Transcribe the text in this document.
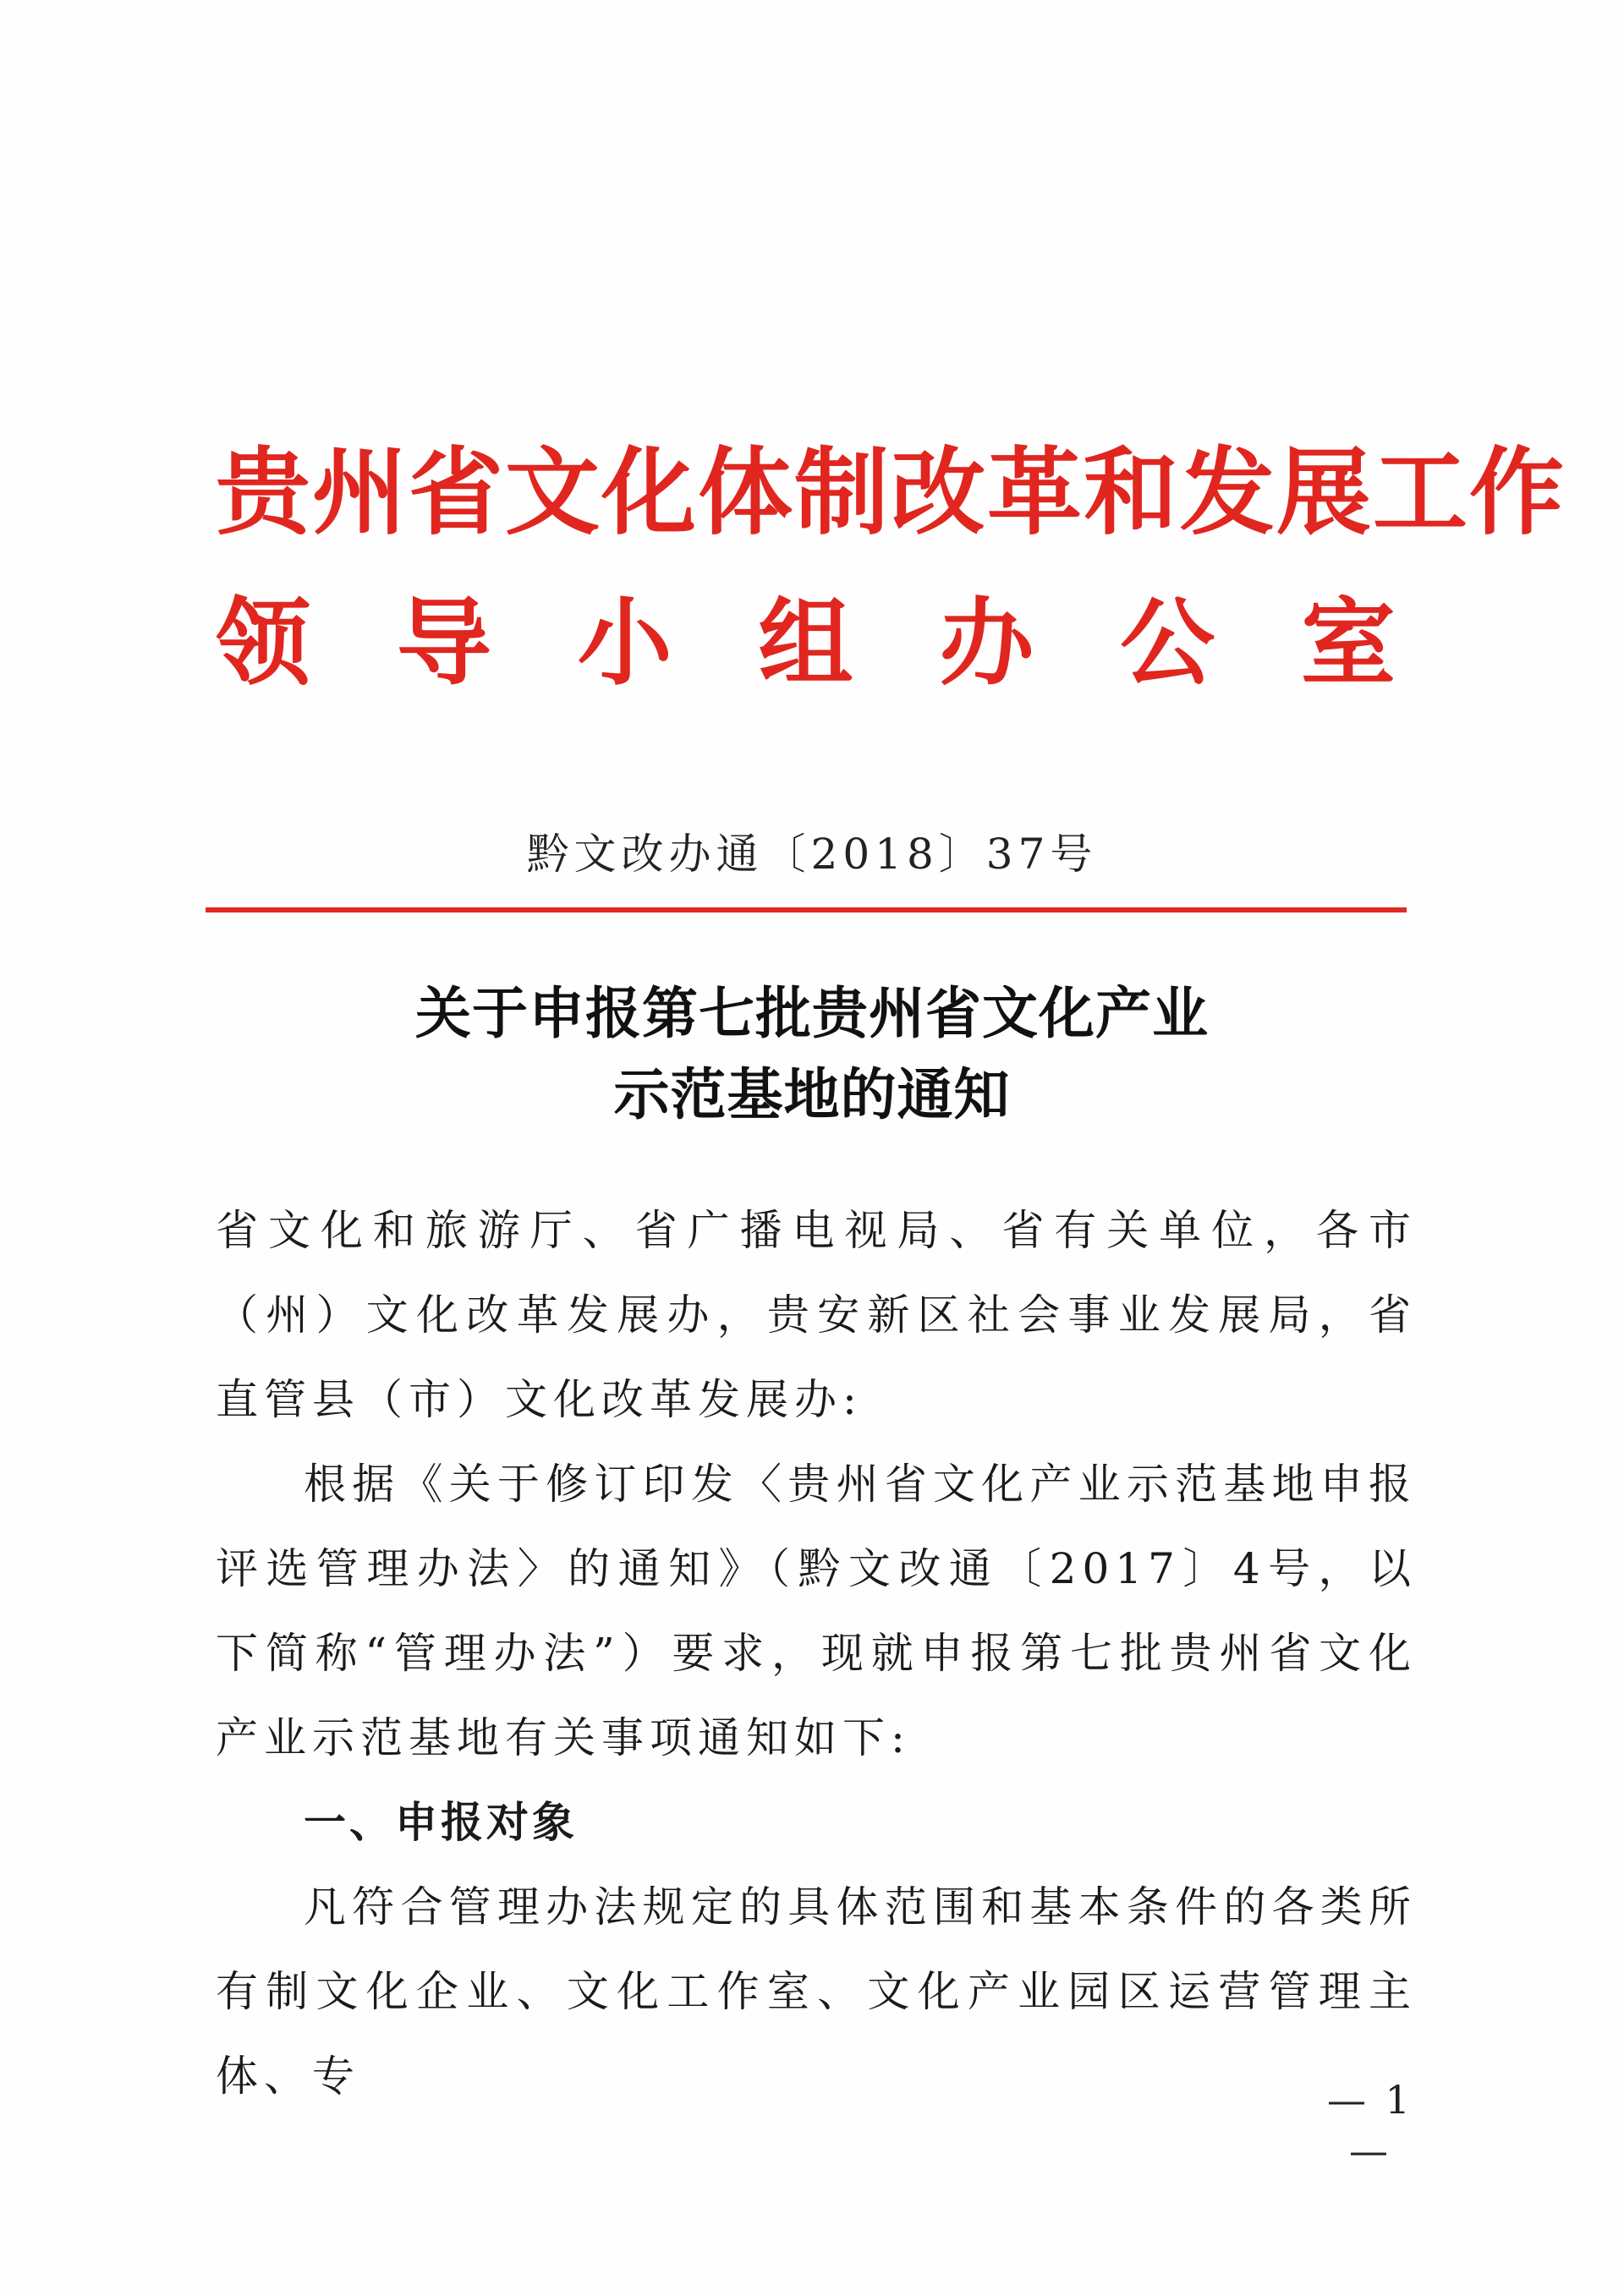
贵州省文化体制改革和发展工作
领 导 小 组 办 公 室
黔文改办通〔2018〕37号
关于申报第七批贵州省文化产业
示范基地的通知

省文化和旅游厅、省广播电视局、省有关单位，各市（州）文化改革发展办，贵安新区社会事业发展局，省直管县（市）文化改革发展办:

根据《关于修订印发〈贵州省文化产业示范基地申报评选管理办法〉的通知》（黔文改通〔2017〕4号，以下简称“管理办法”）要求，现就申报第七批贵州省文化产业示范基地有关事项通知如下:

一、申报对象

凡符合管理办法规定的具体范围和基本条件的各类所有制文化企业、文化工作室、文化产业园区运营管理主体、专	— 1 —
